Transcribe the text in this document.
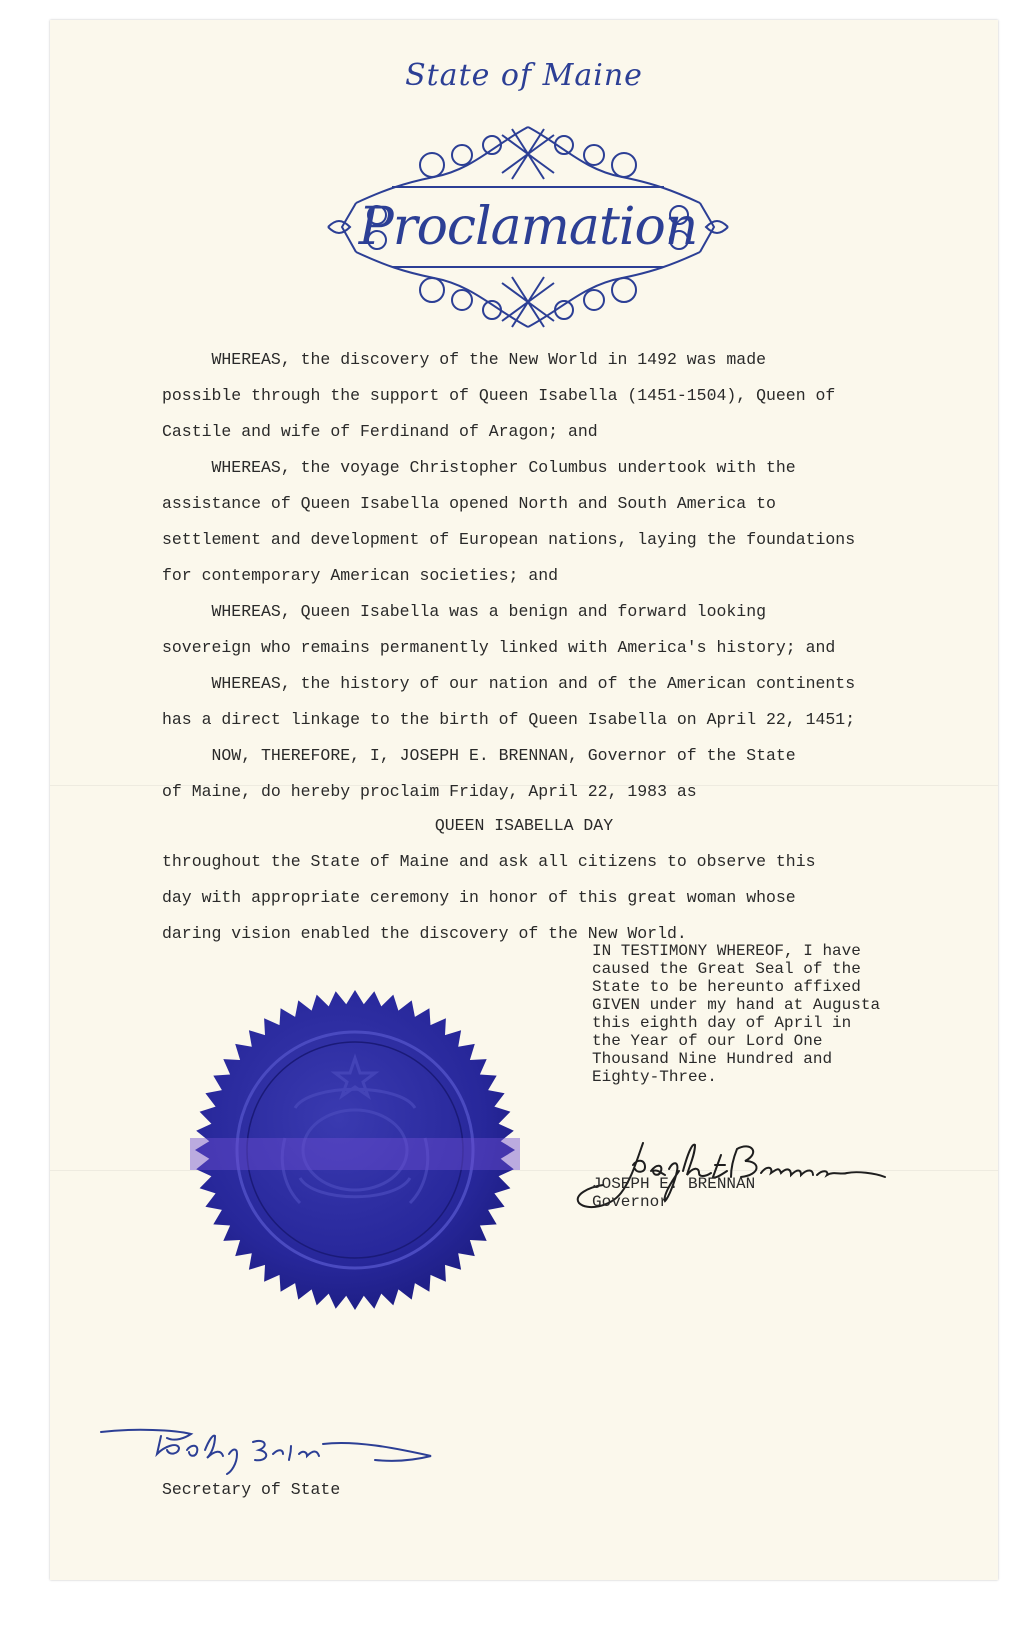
State of Maine
Proclamation
WHEREAS, the discovery of the New World in 1492 was made
possible through the support of Queen Isabella (1451-1504), Queen of
Castile and wife of Ferdinand of Aragon; and
WHEREAS, the voyage Christopher Columbus undertook with the
assistance of Queen Isabella opened North and South America to
settlement and development of European nations, laying the foundations
for contemporary American societies; and
WHEREAS, Queen Isabella was a benign and forward looking
sovereign who remains permanently linked with America's history; and
WHEREAS, the history of our nation and of the American continents
has a direct linkage to the birth of Queen Isabella on April 22, 1451;
NOW, THEREFORE, I, JOSEPH E. BRENNAN, Governor of the State
of Maine, do hereby proclaim Friday, April 22, 1983 as
QUEEN ISABELLA DAY
throughout the State of Maine and ask all citizens to observe this
day with appropriate ceremony in honor of this great woman whose
daring vision enabled the discovery of the New World.
IN TESTIMONY WHEREOF, I have
caused the Great Seal of the
State to be hereunto affixed
GIVEN under my hand at Augusta
this eighth day of April in
the Year of our Lord One
Thousand Nine Hundred and
Eighty-Three.
JOSEPH E. BRENNAN
Governor
Secretary of State
